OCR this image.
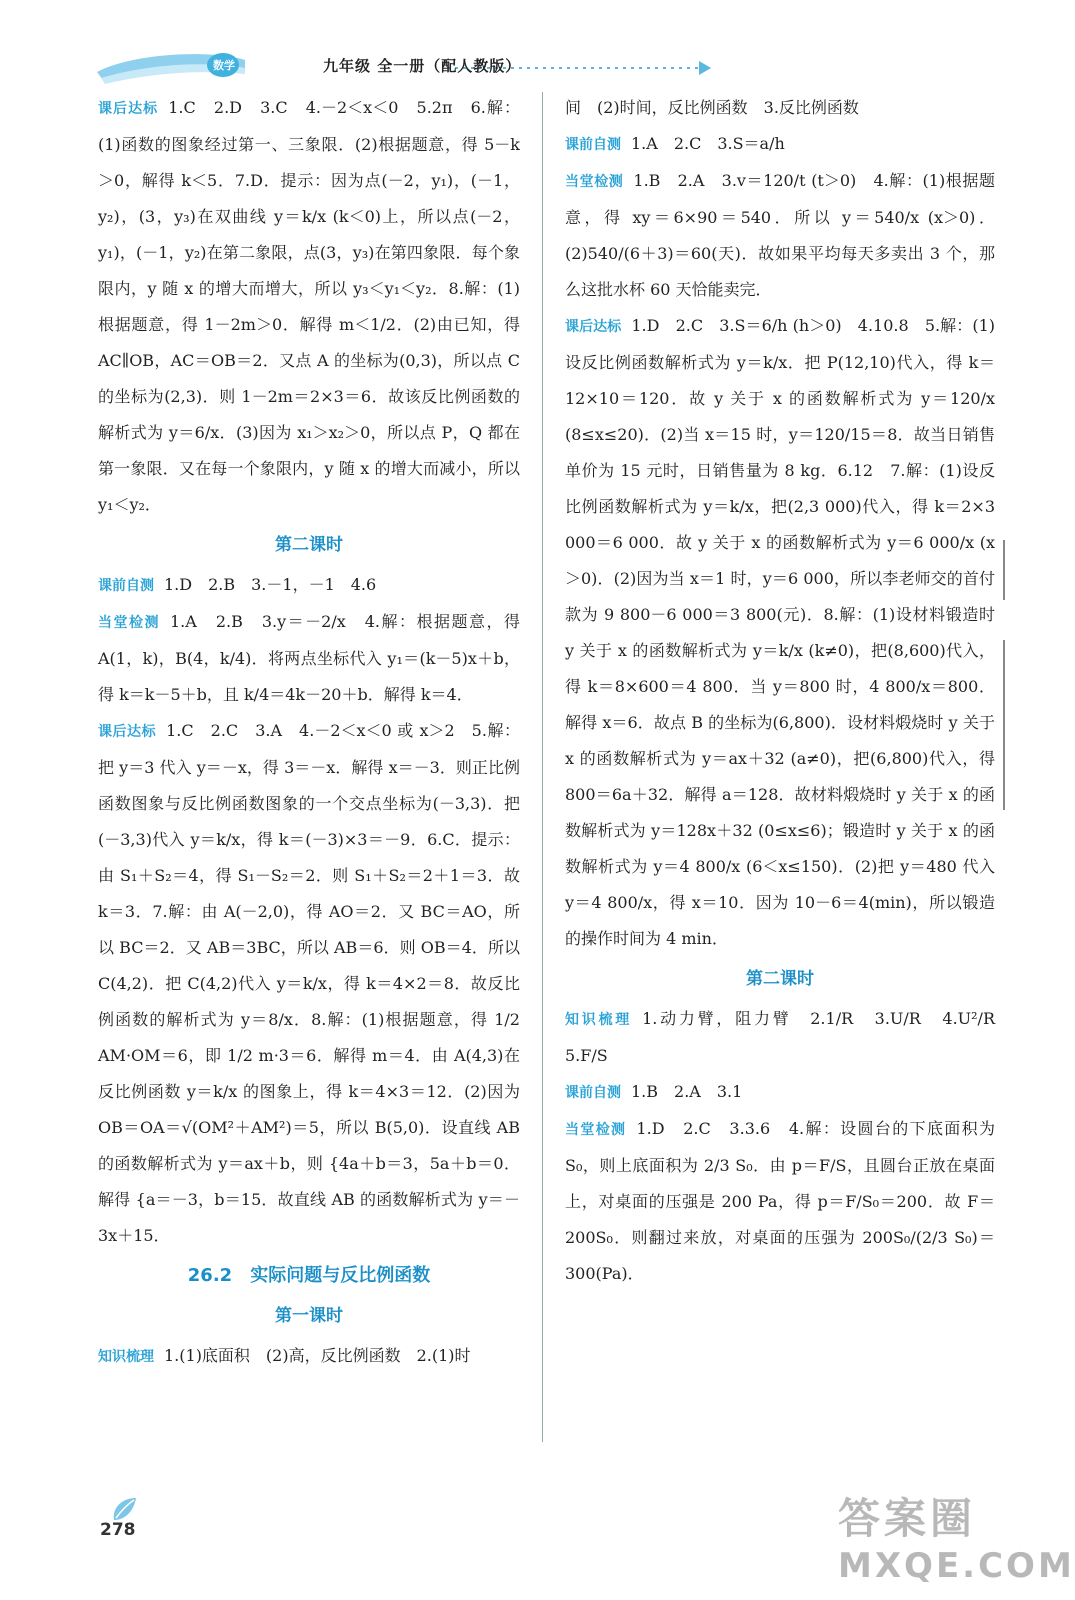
数学	九年级 全一册（配人教版）
课后达标 1.C　2.D　3.C　4.－2＜x＜0　5.2π　6.解：(1)函数的图象经过第一、三象限．(2)根据题意，得 5－k＞0，解得 k＜5．7.D．提示：因为点(－2，y₁)，(－1，y₂)，(3，y₃)在双曲线 y＝k/x (k＜0)上，所以点(－2，y₁)，(－1，y₂)在第二象限，点(3，y₃)在第四象限．每个象限内，y 随 x 的增大而增大，所以 y₃＜y₁＜y₂．8.解：(1)根据题意，得 1－2m＞0．解得 m＜1/2．(2)由已知，得 AC∥OB，AC＝OB＝2．又点 A 的坐标为(0,3)，所以点 C 的坐标为(2,3)．则 1－2m＝2×3＝6．故该反比例函数的解析式为 y＝6/x．(3)因为 x₁＞x₂＞0，所以点 P，Q 都在第一象限．又在每一个象限内，y 随 x 的增大而减小，所以 y₁＜y₂．
第二课时
课前自测 1.D　2.B　3.－1，－1　4.6
当堂检测 1.A　2.B　3.y＝－2/x　4.解：根据题意，得 A(1，k)，B(4，k/4)．将两点坐标代入 y₁＝(k－5)x＋b，得 k＝k－5＋b，且 k/4＝4k－20＋b．解得 k＝4．
课后达标 1.C　2.C　3.A　4.－2＜x＜0 或 x＞2　5.解：把 y＝3 代入 y＝－x，得 3＝－x．解得 x＝－3．则正比例函数图象与反比例函数图象的一个交点坐标为(－3,3)．把(－3,3)代入 y＝k/x，得 k＝(－3)×3＝－9．6.C．提示：由 S₁＋S₂＝4，得 S₁－S₂＝2．则 S₁＋S₂＝2＋1＝3．故 k＝3．7.解：由 A(－2,0)，得 AO＝2．又 BC＝AO，所以 BC＝2．又 AB＝3BC，所以 AB＝6．则 OB＝4．所以 C(4,2)．把 C(4,2)代入 y＝k/x，得 k＝4×2＝8．故反比例函数的解析式为 y＝8/x．8.解：(1)根据题意，得 1/2 AM·OM＝6，即 1/2 m·3＝6．解得 m＝4．由 A(4,3)在反比例函数 y＝k/x 的图象上，得 k＝4×3＝12．(2)因为 OB＝OA＝√(OM²＋AM²)＝5，所以 B(5,0)．设直线 AB 的函数解析式为 y＝ax＋b，则 {4a＋b＝3，5a＋b＝0．解得 {a＝－3，b＝15．故直线 AB 的函数解析式为 y＝－3x＋15．
26.2　实际问题与反比例函数
第一课时
知识梳理 1.(1)底面积　(2)高，反比例函数　2.(1)时
间　(2)时间，反比例函数　3.反比例函数
课前自测 1.A　2.C　3.S＝a/h
当堂检测 1.B　2.A　3.v＝120/t (t＞0)　4.解：(1)根据题意，得 xy＝6×90＝540．所以 y＝540/x (x＞0)．(2)540/(6＋3)＝60(天)．故如果平均每天多卖出 3 个，那么这批水杯 60 天恰能卖完．
课后达标 1.D　2.C　3.S＝6/h (h＞0)　4.10.8　5.解：(1)设反比例函数解析式为 y＝k/x．把 P(12,10)代入，得 k＝12×10＝120．故 y 关于 x 的函数解析式为 y＝120/x (8≤x≤20)．(2)当 x＝15 时，y＝120/15＝8．故当日销售单价为 15 元时，日销售量为 8 kg．6.12　7.解：(1)设反比例函数解析式为 y＝k/x，把(2,3 000)代入，得 k＝2×3 000＝6 000．故 y 关于 x 的函数解析式为 y＝6 000/x (x＞0)．(2)因为当 x＝1 时，y＝6 000，所以李老师交的首付款为 9 800－6 000＝3 800(元)．8.解：(1)设材料锻造时 y 关于 x 的函数解析式为 y＝k/x (k≠0)，把(8,600)代入，得 k＝8×600＝4 800．当 y＝800 时，4 800/x＝800．解得 x＝6．故点 B 的坐标为(6,800)．设材料煅烧时 y 关于 x 的函数解析式为 y＝ax＋32 (a≠0)，把(6,800)代入，得 800＝6a＋32．解得 a＝128．故材料煅烧时 y 关于 x 的函数解析式为 y＝128x＋32 (0≤x≤6)；锻造时 y 关于 x 的函数解析式为 y＝4 800/x (6＜x≤150)．(2)把 y＝480 代入 y＝4 800/x，得 x＝10．因为 10－6＝4(min)，所以锻造的操作时间为 4 min．
第二课时
知识梳理 1.动力臂，阻力臂　2.1/R　3.U/R　4.U²/R　5.F/S
课前自测 1.B　2.A　3.1
当堂检测 1.D　2.C　3.3.6　4.解：设圆台的下底面积为 S₀，则上底面积为 2/3 S₀．由 p＝F/S，且圆台正放在桌面上，对桌面的压强是 200 Pa，得 p＝F/S₀＝200．故 F＝200S₀．则翻过来放，对桌面的压强为 200S₀/(2/3 S₀)＝300(Pa)．
278	答案圈
MXQE.COM
